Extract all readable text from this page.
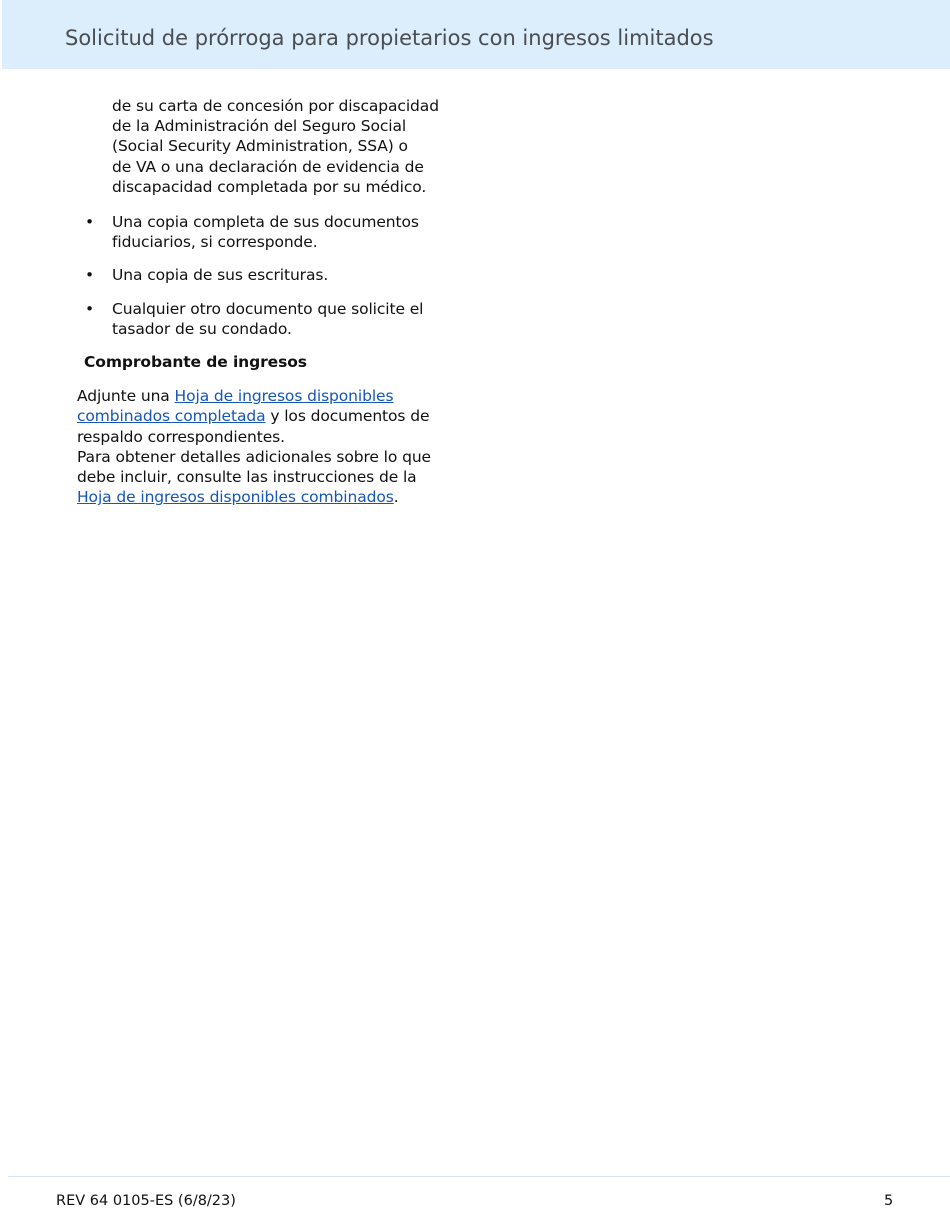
Solicitud de prórroga para propietarios con ingresos limitados
de su carta de concesión por discapacidad
de la Administración del Seguro Social
(Social Security Administration, SSA) o
de VA o una declaración de evidencia de
discapacidad completada por su médico.
• Una copia completa de sus documentos
fiduciarios, si corresponde.
• Una copia de sus escrituras.
• Cualquier otro documento que solicite el
tasador de su condado.
Comprobante de ingresos

Adjunte una Hoja de ingresos disponibles
combinados completada y los documentos de
respaldo correspondientes.
Para obtener detalles adicionales sobre lo que
debe incluir, consulte las instrucciones de la
Hoja de ingresos disponibles combinados.

REV 64 0105-ES (6/8/23)	5
